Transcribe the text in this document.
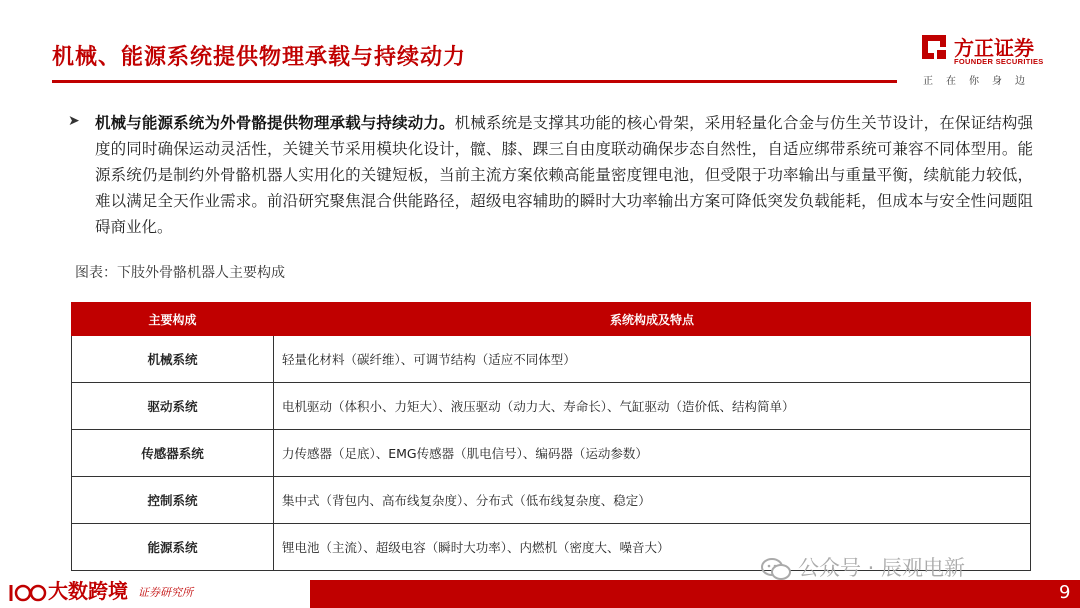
机械、能源系统提供物理承载与持续动力	方正证券
FOUNDER SECURITIES
正在你身边
➤ 机械与能源系统为外骨骼提供物理承载与持续动力。机械系统是支撑其功能的核心骨架，采用轻量化合金与仿生关节设计，在保证结构强度的同时确保运动灵活性，关键关节采用模块化设计，髋、膝、踝三自由度联动确保步态自然性，自适应绑带系统可兼容不同体型用。能源系统仍是制约外骨骼机器人实用化的关键短板，当前主流方案依赖高能量密度锂电池，但受限于功率输出与重量平衡，续航能力较低，难以满足全天作业需求。前沿研究聚焦混合供能路径，超级电容辅助的瞬时大功率输出方案可降低突发负载能耗，但成本与安全性问题阻碍商业化。
图表：下肢外骨骼机器人主要构成
主要构成	系统构成及特点
机械系统	轻量化材料（碳纤维）、可调节结构（适应不同体型）
驱动系统	电机驱动（体积小、力矩大）、液压驱动（动力大、寿命长）、气缸驱动（造价低、结构简单）
传感器系统	力传感器（足底）、EMG传感器（肌电信号）、编码器（运动参数）
控制系统	集中式（背包内、高布线复杂度）、分布式（低布线复杂度、稳定）
能源系统	锂电池（主流）、超级电容（瞬时大功率）、内燃机（密度大、噪音大）
公众号 · 辰观电新
证券研究所
大数跨境	9
